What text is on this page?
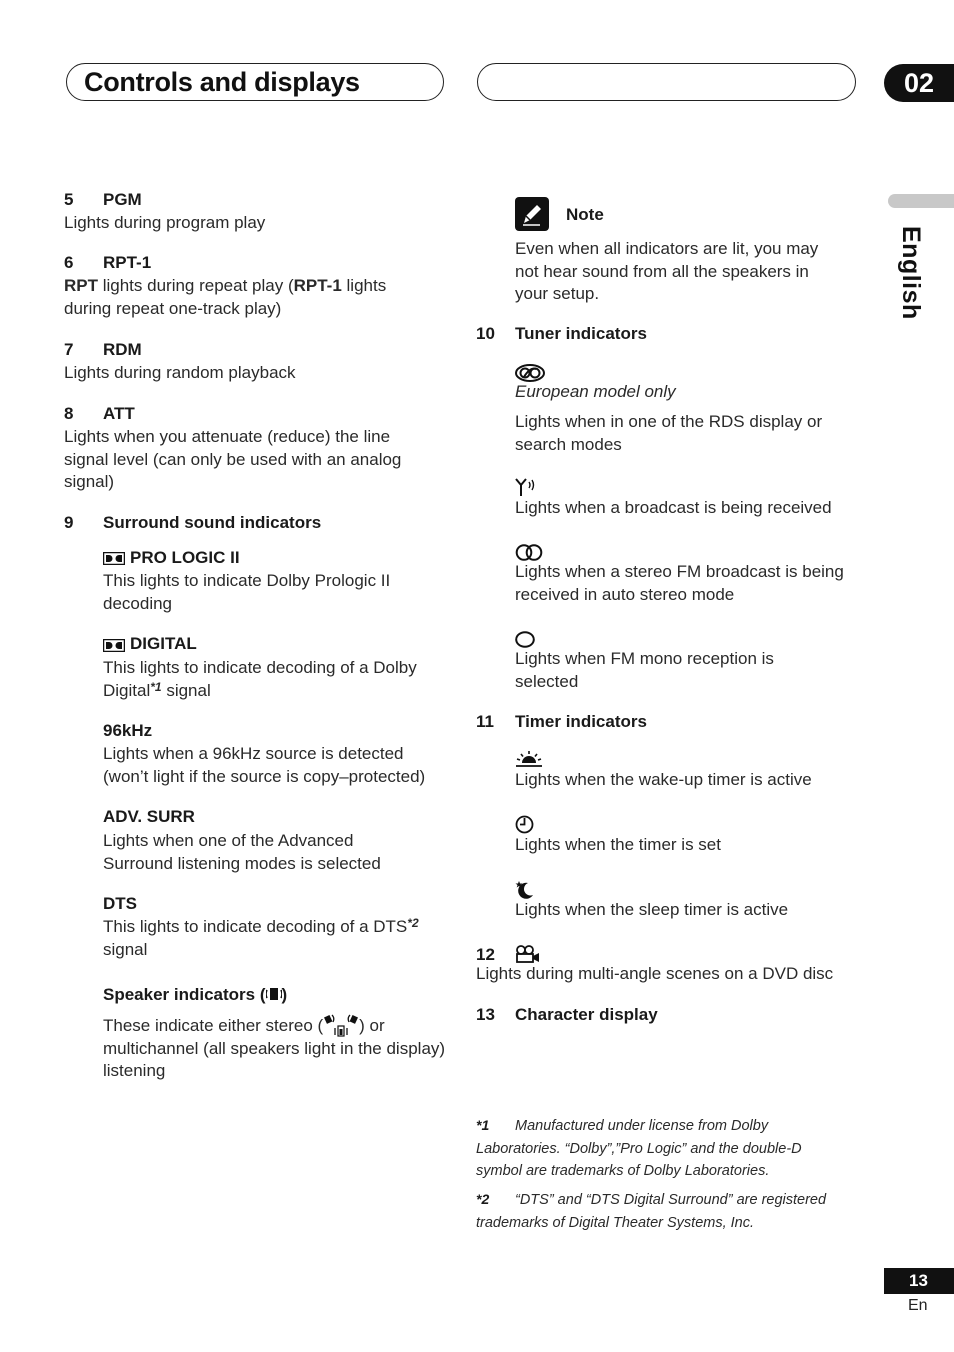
Controls and displays	02
English
5 PGM
Lights during program play
6 RPT-1
RPT lights during repeat play (RPT-1 lights during repeat one-track play)
7 RDM
Lights during random playback
8 ATT
Lights when you attenuate (reduce) the line signal level (can only be used with an analog signal)
9 Surround sound indicators
PRO LOGIC II
This lights to indicate Dolby Prologic II decoding
DIGITAL
This lights to indicate decoding of a Dolby Digital$^{*1}$ signal
96kHz
Lights when a 96kHz source is detected (won’t light if the source is copy–protected)
ADV. SURR
Lights when one of the Advanced Surround listening modes is selected
DTS
This lights to indicate decoding of a DTS$^{*2}$
signal
Speaker indicators ( )
These indicate either stereo ( ) or multichannel (all speakers light in the display) listening
Note
Even when all indicators are lit, you may not hear sound from all the speakers in your setup.
10 Tuner indicators
European model only
Lights when in one of the RDS display or search modes
Lights when a broadcast is being received
Lights when a stereo FM broadcast is being received in auto stereo mode
Lights when FM mono reception is selected
11 Timer indicators
Lights when the wake-up timer is active
Lights when the timer is set
Lights when the sleep timer is active
12
Lights during multi-angle scenes on a DVD disc
13 Character display
Manufactured under license from Dolby Laboratories. “Dolby”,”Pro Logic” and the double-D symbol are trademarks of Dolby Laboratories.
*1
“DTS” and “DTS Digital Surround” are registered trademarks of Digital Theater Systems, Inc.
*2
13
En
